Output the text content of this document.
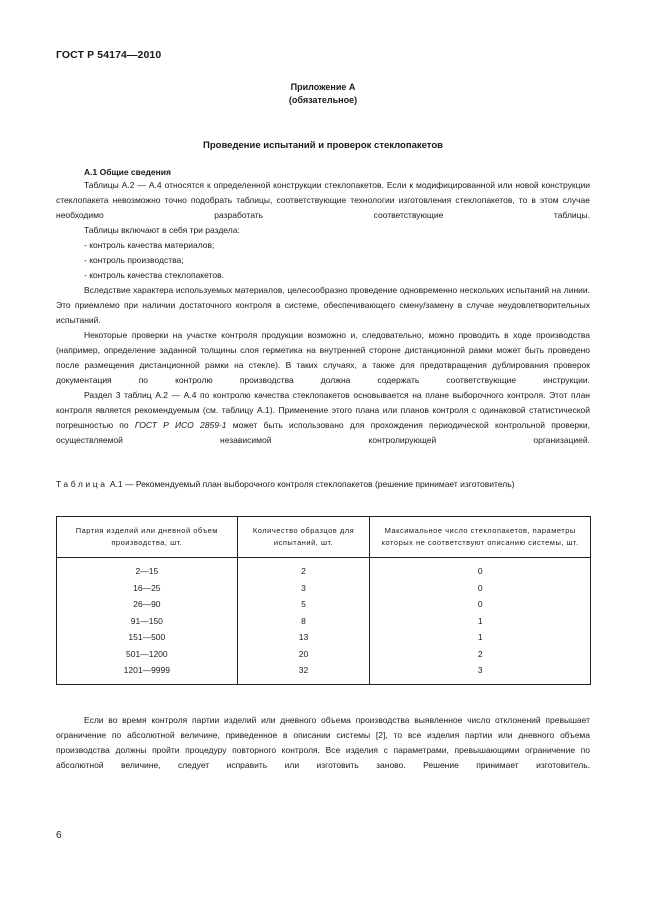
ГОСТ Р 54174—2010
Приложение А
(обязательное)
Проведение испытаний и проверок стеклопакетов
А.1 Общие сведения

Таблицы А.2 — А.4 относятся к определенной конструкции стеклопакетов. Если к модифицированной или новой конструкции стеклопакета невозможно точно подобрать таблицы, соответствующие технологии изготовления стеклопакетов, то в этом случае необходимо разработать соответствующие таблицы.

Таблицы включают в себя три раздела:

- контроль качества материалов;

- контроль производства;

- контроль качества стеклопакетов.

Вследствие характера используемых материалов, целесообразно проведение одновременно нескольких испытаний на линии. Это приемлемо при наличии достаточного контроля в системе, обеспечивающего смену/замену в случае неудовлетворительных испытаний.

Некоторые проверки на участке контроля продукции возможно и, следовательно, можно проводить в ходе производства (например, определение заданной толщины слоя герметика на внутренней стороне дистанционной рамки может быть проведено после размещения дистанционной рамки на стекле). В таких случаях, а также для предотвращения дублирования проверок документация по контролю производства должна содержать соответствующие инструкции.

Раздел 3 таблиц А.2 — А.4 по контролю качества стеклопакетов основывается на плане выборочного контроля. Этот план контроля является рекомендуемым (см. таблицу А.1). Применение этого плана или планов контроля с одинаковой статистической погрешностью по ГОСТ Р ИСО 2859-1 может быть использовано для прохождения периодической контрольной проверки, осуществляемой независимой контролирующей организацией.

Таблица А.1 — Рекомендуемый план выборочного контроля стеклопакетов (решение принимает изготовитель)
Партия изделий или дневной объем производства, шт.	Количество образцов для испытаний, шт.	Максимальное число стеклопакетов, параметры которых не соответствуют описанию системы, шт.
2—15	2	0
16—25	3	0
26—90	5	0
91—150	8	1
151—500	13	1
501—1200	20	2
1201—9999	32	3

Если во время контроля партии изделий или дневного объема производства выявленное число отклонений превышает ограничение по абсолютной величине, приведенное в описании системы [2], то все изделия партии или дневного объема производства должны пройти процедуру повторного контроля. Все изделия с параметрами, превышающими ограничение по абсолютной величине, следует исправить или изготовить заново. Решение принимает изготовитель.

6
